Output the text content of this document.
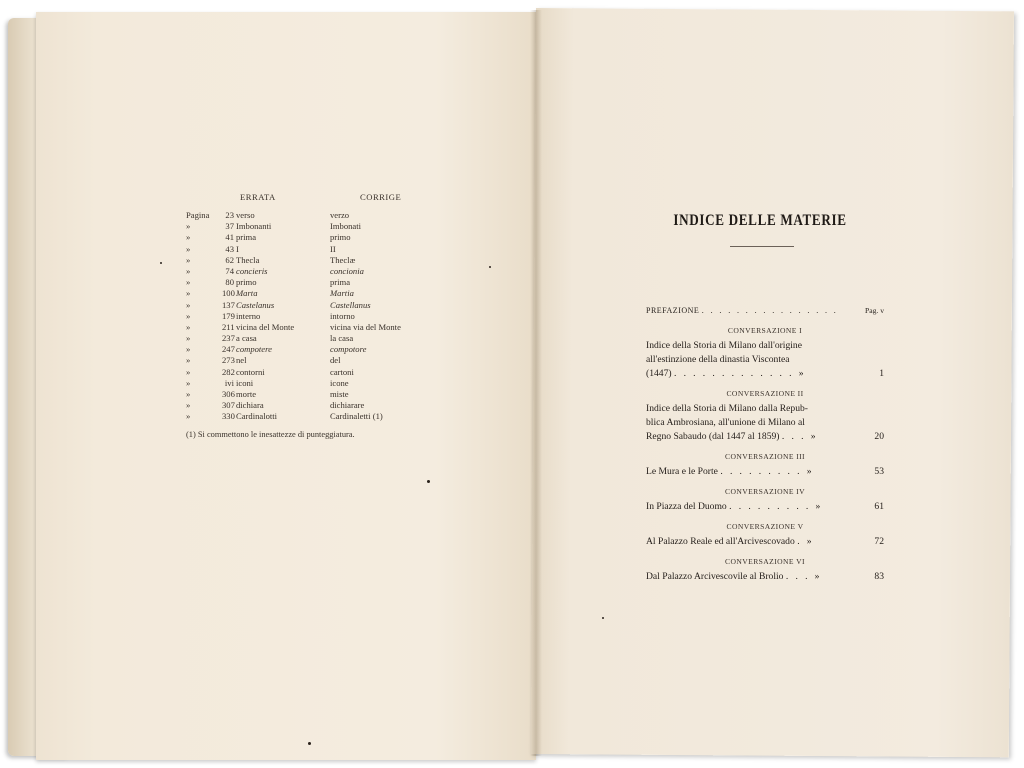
ERRATA	CORRIGE
Pagina	23 verso	verzo
»	37 Imbonanti	Imbonati
»	41 prima	primo
»	43 I	II
»	62 Thecla	Theclæ
»	74 concieris	concionia
»	80 primo	prima
»	100 Marta	Martia
»	137 Castelanus	Castellanus
»	179 interno	intorno
»	211 vicina del Monte	vicina via del Monte
»	237 a casa	la casa
»	247 compotere	compotore
»	273 nel	del
»	282 contorni	cartoni
»	ivi iconi	icone
»	306 morte	miste
»	307 dichiara	dichiarare
»	330 Cardinalotti	Cardinaletti (1)
(1) Si commettono le inesattezze di punteggiatura.
INDICE DELLE MATERIE
PREFAZIONE . . . . . . . . . . . . . . . .	Pag. v
CONVERSAZIONE I
Indice della Storia di Milano dall'origine
all'estinzione della dinastia Viscontea
(1447) . . . . . . . . . . . . . »	1
CONVERSAZIONE II
Indice della Storia di Milano dalla Repub-
blica Ambrosiana, all'unione di Milano al
Regno Sabaudo (dal 1447 al 1859) . . . »	20
CONVERSAZIONE III
Le Mura e le Porte . . . . . . . . . »	53
CONVERSAZIONE IV
In Piazza del Duomo . . . . . . . . . »	61
CONVERSAZIONE V
Al Palazzo Reale ed all'Arcivescovado . »	72
CONVERSAZIONE VI
Dal Palazzo Arcivescovile al Broliо . . . »	83
